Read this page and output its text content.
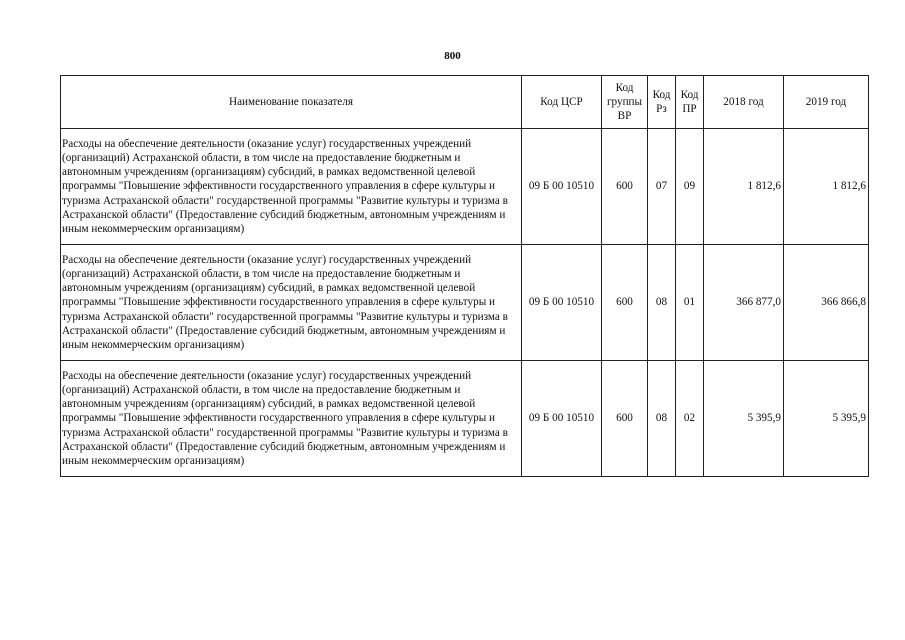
800
Наименование показателя	Код ЦСР	Код группы ВР	Код Рз	Код ПР	2018 год	2019 год
Расходы на обеспечение деятельности (оказание услуг) государственных учреждений (организаций) Астраханской области, в том числе на предоставление бюджетным и автономным учреждениям (организациям) субсидий, в рамках ведомственной целевой программы "Повышение эффективности государственного управления в сфере культуры и туризма Астраханской области" государственной программы "Развитие культуры и туризма в Астраханской области" (Предоставление субсидий бюджетным, автономным учреждениям и иным некоммерческим организациям)	09 Б 00 10510	600	07	09	1 812,6	1 812,6
Расходы на обеспечение деятельности (оказание услуг) государственных учреждений (организаций) Астраханской области, в том числе на предоставление бюджетным и автономным учреждениям (организациям) субсидий, в рамках ведомственной целевой программы "Повышение эффективности государственного управления в сфере культуры и туризма Астраханской области" государственной программы "Развитие культуры и туризма в Астраханской области" (Предоставление субсидий бюджетным, автономным учреждениям и иным некоммерческим организациям)	09 Б 00 10510	600	08	01	366 877,0	366 866,8
Расходы на обеспечение деятельности (оказание услуг) государственных учреждений (организаций) Астраханской области, в том числе на предоставление бюджетным и автономным учреждениям (организациям) субсидий, в рамках ведомственной целевой программы "Повышение эффективности государственного управления в сфере культуры и туризма Астраханской области" государственной программы "Развитие культуры и туризма в Астраханской области" (Предоставление субсидий бюджетным, автономным учреждениям и иным некоммерческим организациям)	09 Б 00 10510	600	08	02	5 395,9	5 395,9
